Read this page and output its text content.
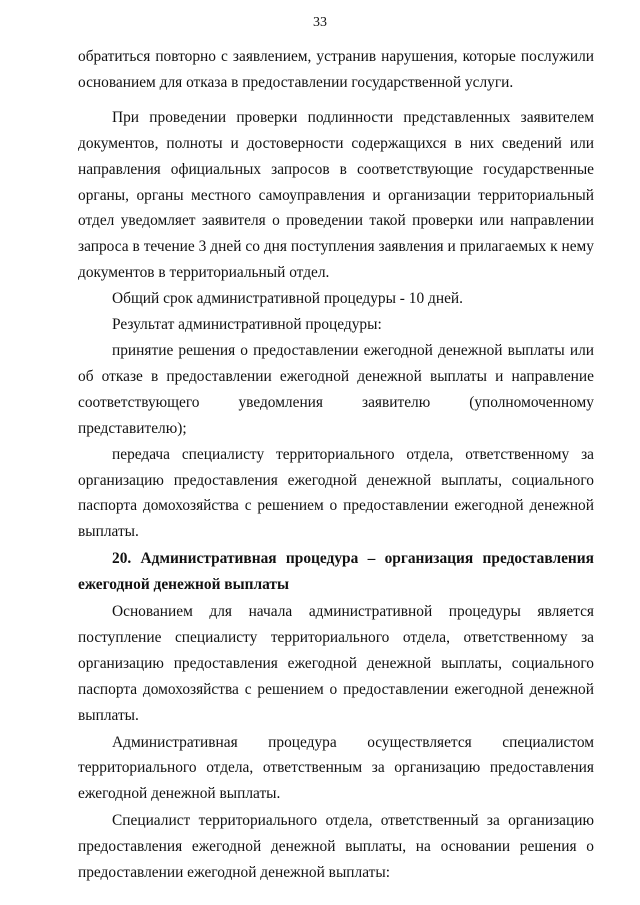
33

обратиться повторно с заявлением, устранив нарушения, которые послужили основанием для отказа в предоставлении государственной услуги.

При проведении проверки подлинности представленных заявителем документов, полноты и достоверности содержащихся в них сведений или направления официальных запросов в соответствующие государственные органы, органы местного самоуправления и организации территориальный отдел уведомляет заявителя о проведении такой проверки или направлении запроса в течение 3 дней со дня поступления заявления и прилагаемых к нему документов в территориальный отдел.

Общий срок административной процедуры - 10 дней.

Результат административной процедуры:

принятие решения о предоставлении ежегодной денежной выплаты или об отказе в предоставлении ежегодной денежной выплаты и направление соответствующего уведомления заявителю (уполномоченному представителю);

передача специалисту территориального отдела, ответственному за организацию предоставления ежегодной денежной выплаты, социального паспорта домохозяйства с решением о предоставлении ежегодной денежной выплаты.

20. Административная процедура – организация предоставления ежегодной денежной выплаты

Основанием для начала административной процедуры является поступление специалисту территориального отдела, ответственному за организацию предоставления ежегодной денежной выплаты, социального паспорта домохозяйства с решением о предоставлении ежегодной денежной выплаты.

Административная процедура осуществляется специалистом территориального отдела, ответственным за организацию предоставления ежегодной денежной выплаты.

Специалист территориального отдела, ответственный за организацию предоставления ежегодной денежной выплаты, на основании решения о предоставлении ежегодной денежной выплаты:
